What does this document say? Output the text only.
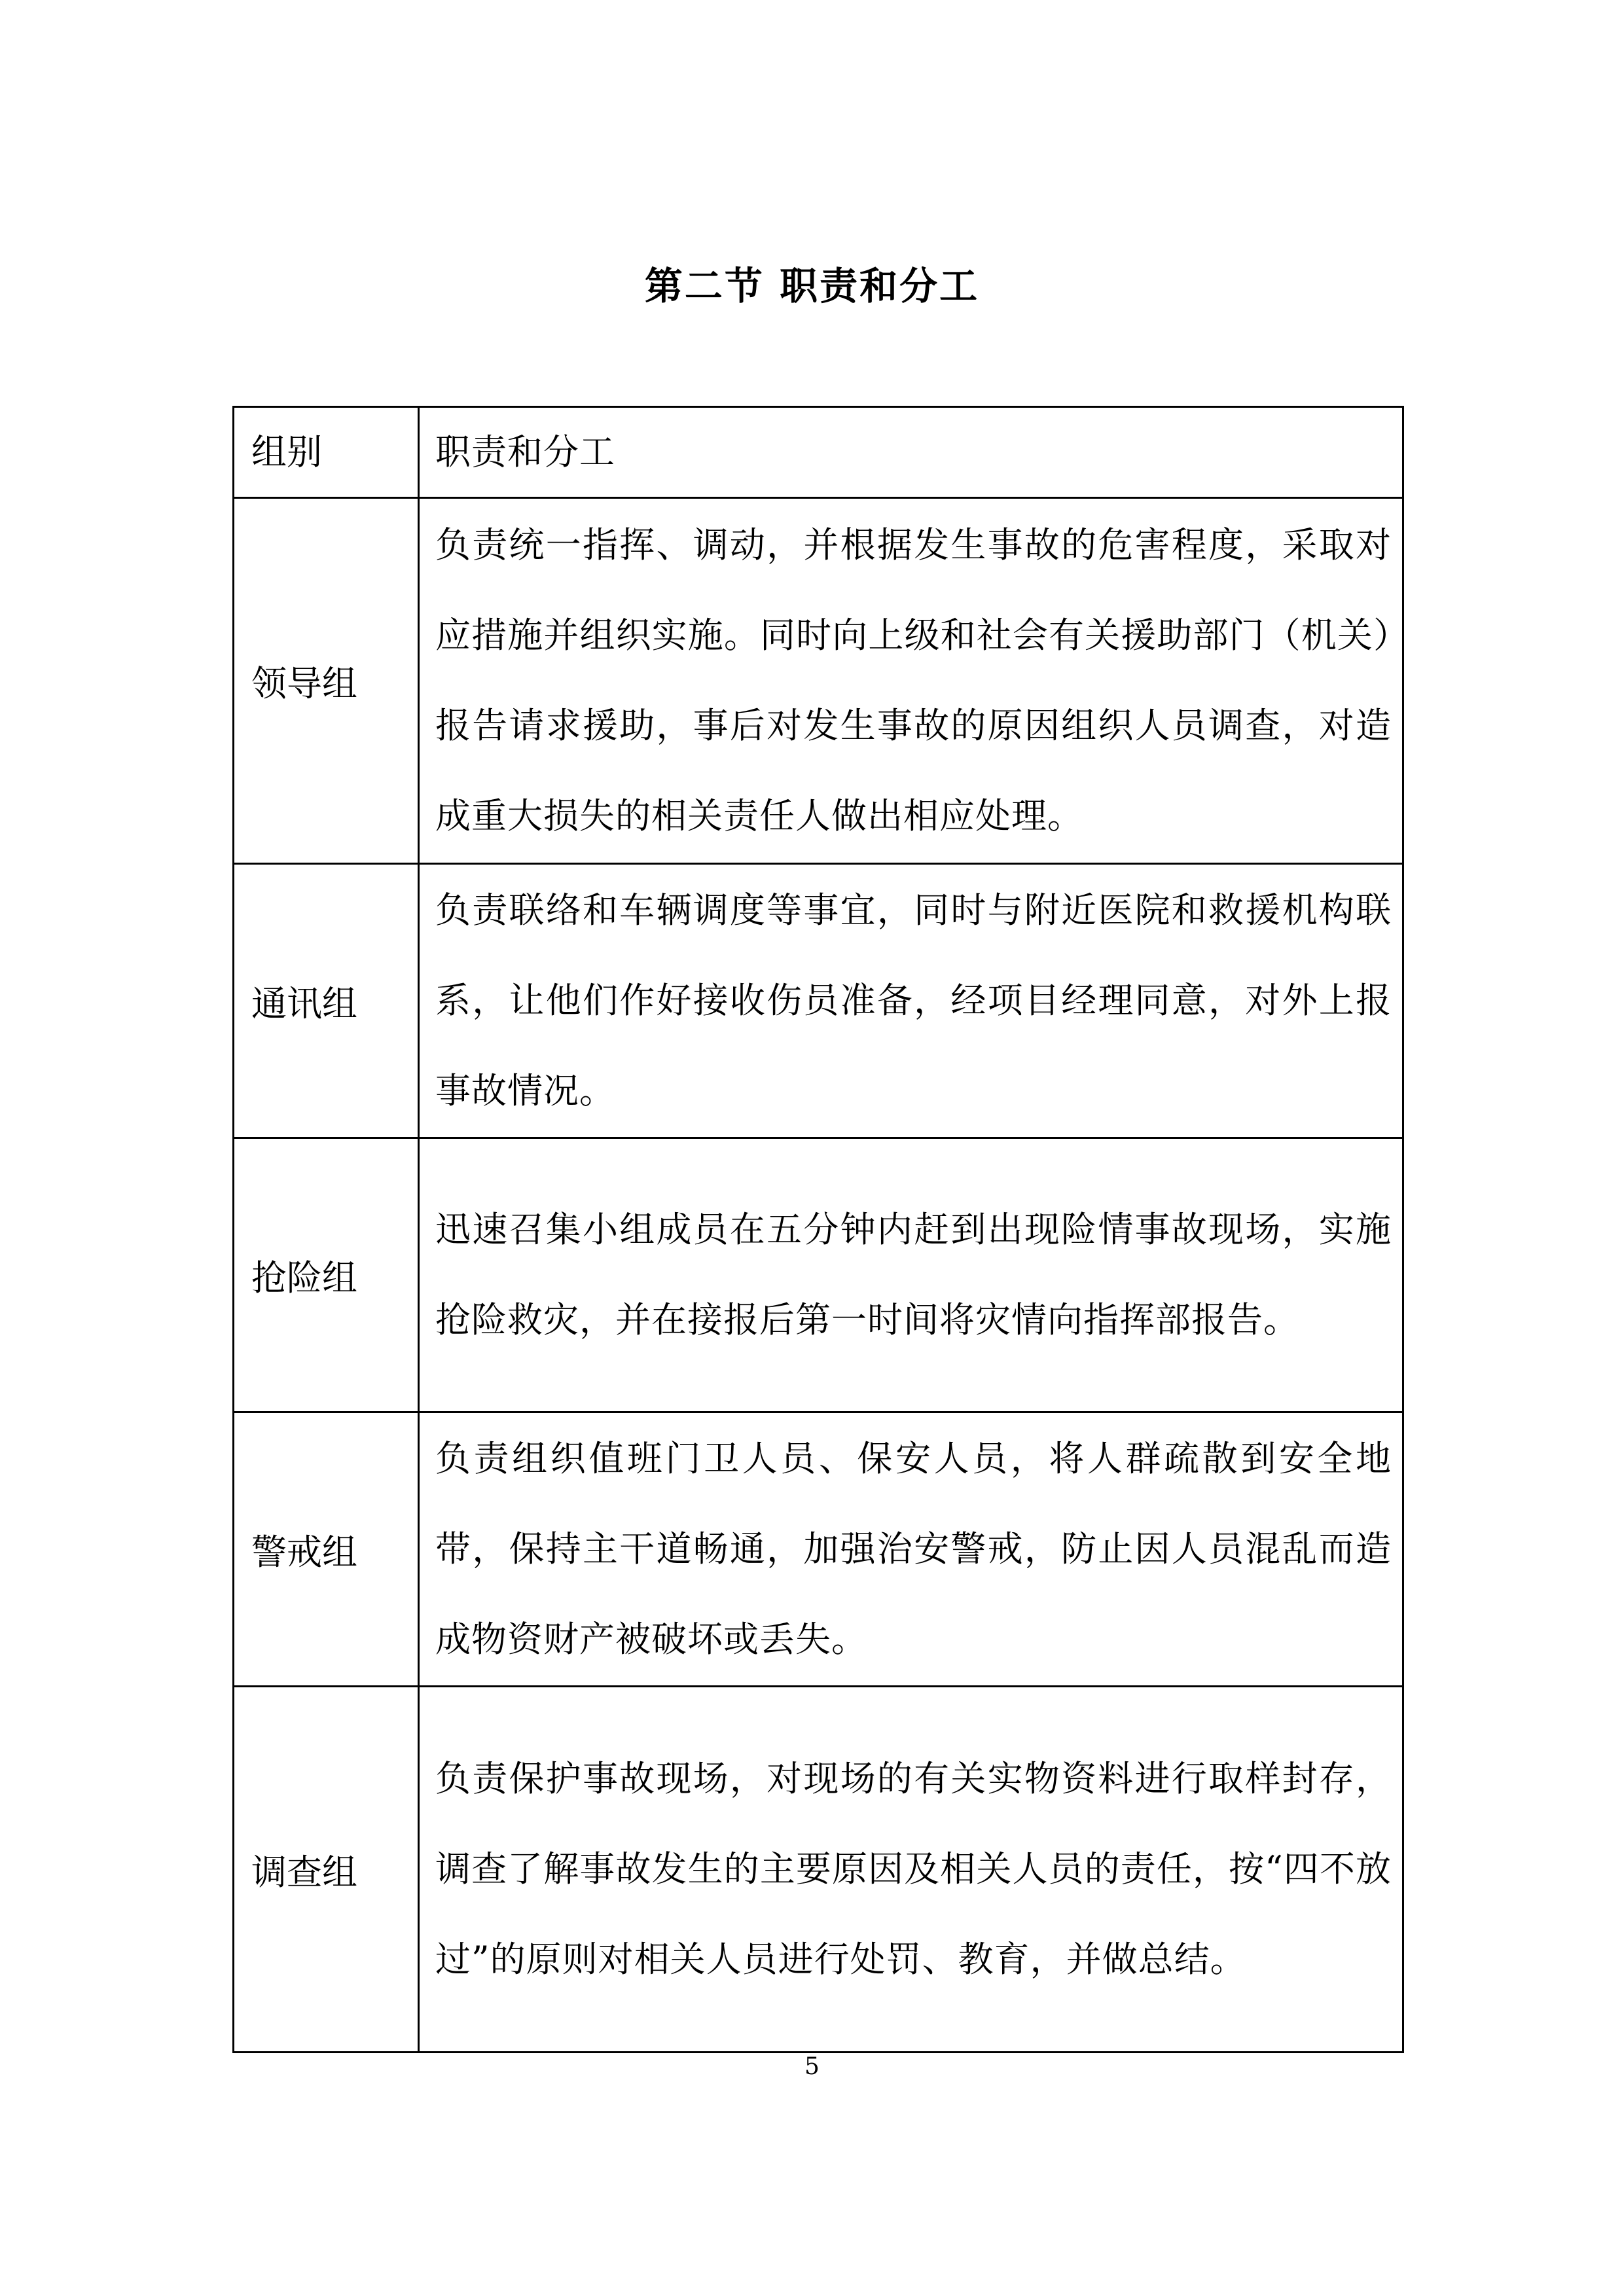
第二节 职责和分工
组别	职责和分工
领导组	负责统一指挥、调动，并根据发生事故的危害程度，采取对应措施并组织实施。同时向上级和社会有关援助部门（机关）报告请求援助，事后对发生事故的原因组织人员调查，对造成重大损失的相关责任人做出相应处理。
通讯组	负责联络和车辆调度等事宜，同时与附近医院和救援机构联系，让他们作好接收伤员准备，经项目经理同意，对外上报事故情况。
抢险组	迅速召集小组成员在五分钟内赶到出现险情事故现场，实施抢险救灾，并在接报后第一时间将灾情向指挥部报告。
警戒组	负责组织值班门卫人员、保安人员，将人群疏散到安全地带，保持主干道畅通，加强治安警戒，防止因人员混乱而造成物资财产被破坏或丢失。
调查组	负责保护事故现场，对现场的有关实物资料进行取样封存，调查了解事故发生的主要原因及相关人员的责任，按“四不放过”的原则对相关人员进行处罚、教育，并做总结。
5
